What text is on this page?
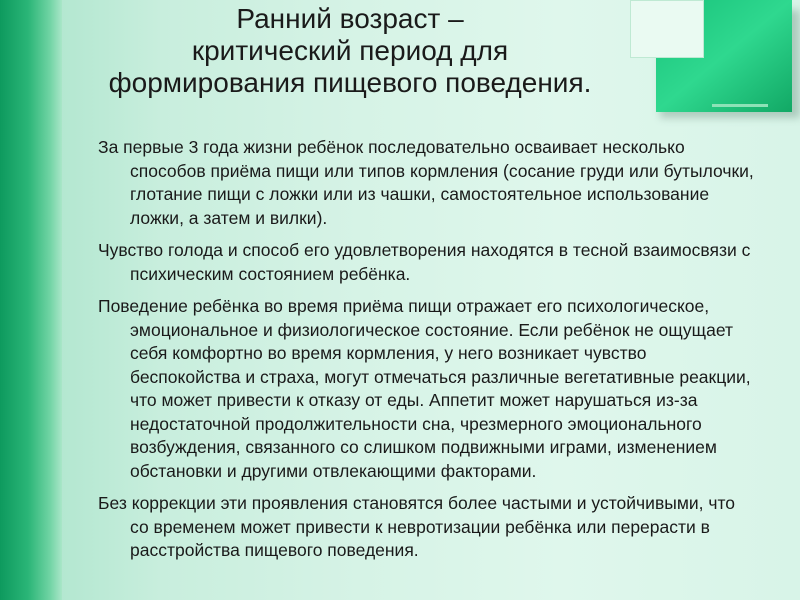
Ранний возраст –
критический период для
формирования пищевого поведения.

За первые 3 года жизни ребёнок последовательно осваивает несколько способов приёма пищи или типов кормления (сосание груди или бутылочки, глотание пищи с ложки или из чашки, самостоятельное использование ложки, а затем и вилки).

Чувство голода и способ его удовлетворения находятся в тесной взаимосвязи с психическим состоянием ребёнка.

Поведение ребёнка во время приёма пищи отражает его психологическое, эмоциональное и физиологическое состояние. Если ребёнок не ощущает себя комфортно во время кормления, у него возникает чувство беспокойства и страха, могут отмечаться различные вегетативные реакции, что может привести к отказу от еды. Аппетит может нарушаться из-за недостаточной продолжительности сна, чрезмерного эмоционального возбуждения, связанного со слишком подвижными играми, изменением обстановки и другими отвлекающими факторами.

Без коррекции эти проявления становятся более частыми и устойчивыми, что со временем может привести к невротизации ребёнка или перерасти в расстройства пищевого поведения.
